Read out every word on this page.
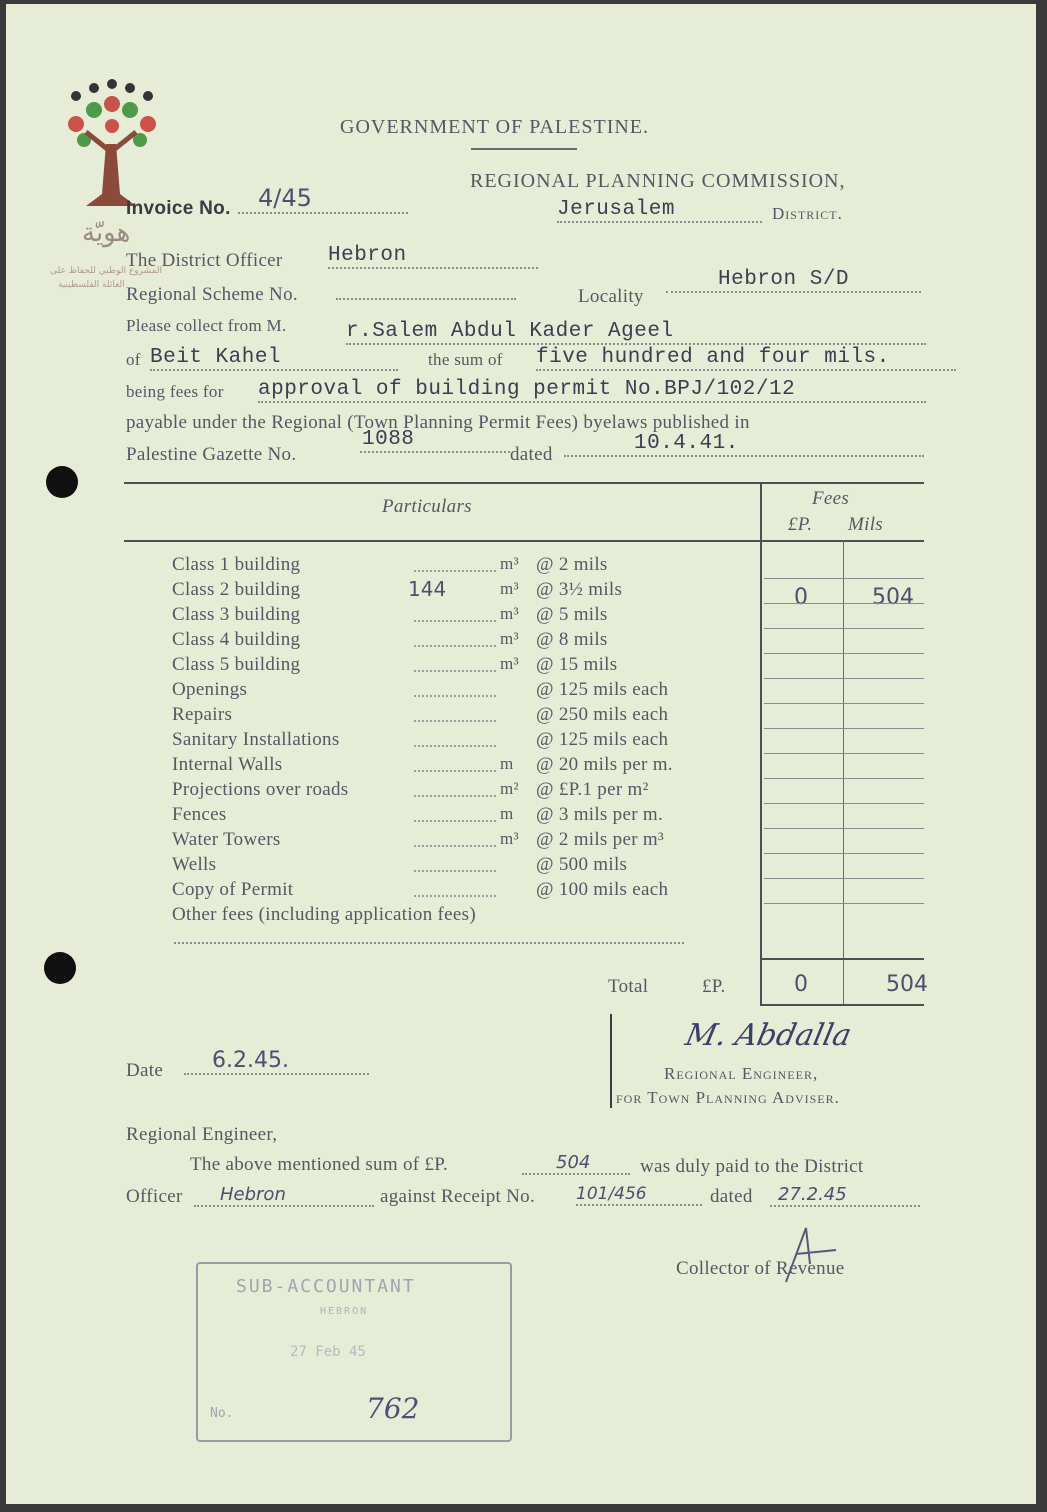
هويّة
المشروع الوطني للحفاظ على
العائلة الفلسطينية
GOVERNMENT OF PALESTINE.
REGIONAL PLANNING COMMISSION,
Jerusalem	District.
Invoice No.	4/45
The District Officer Hebron
Regional Scheme No.	Locality
Hebron S/D
Please collect from M.	r.Salem Abdul Kader Ageel
of Beit Kahel	the sum of five hundred and four mils.
being fees for approval of building permit No.BPJ/102/12
payable under the Regional (Town Planning Permit Fees) byelaws published in
Palestine Gazette No.
1088
dated	10.4.41.
Particulars	Fees
£P. Mils
Class 1 building	m³ @ 2 mils
Class 2 building	144	m³ @ 3½ mils	0	504
Class 3 building	m³ @ 5 mils
Class 4 building	m³ @ 8 mils
Class 5 building	m³ @ 15 mils
Openings	@ 125 mils each
Repairs	@ 250 mils each
Sanitary Installations	@ 125 mils each
Internal Walls	m @ 20 mils per m.
Projections over roads	m² @ £P.1 per m²
Fences	m @ 3 mils per m.
Water Towers	m³ @ 2 mils per m³
Wells	@ 500 mils
Copy of Permit	@ 100 mils each
Other fees (including application fees)
Total	£P.	0	504
Date	6.2.45.
M. Abdalla
Regional Engineer,
for Town Planning Adviser.
Regional Engineer,
The above mentioned sum of £P.	504	was duly paid to the District
Officer	Hebron	against Receipt No. 101/456	dated	27.2.45
Collector of Revenue
SUB-ACCOUNTANT
HEBRON
27 Feb 45
No.	762
